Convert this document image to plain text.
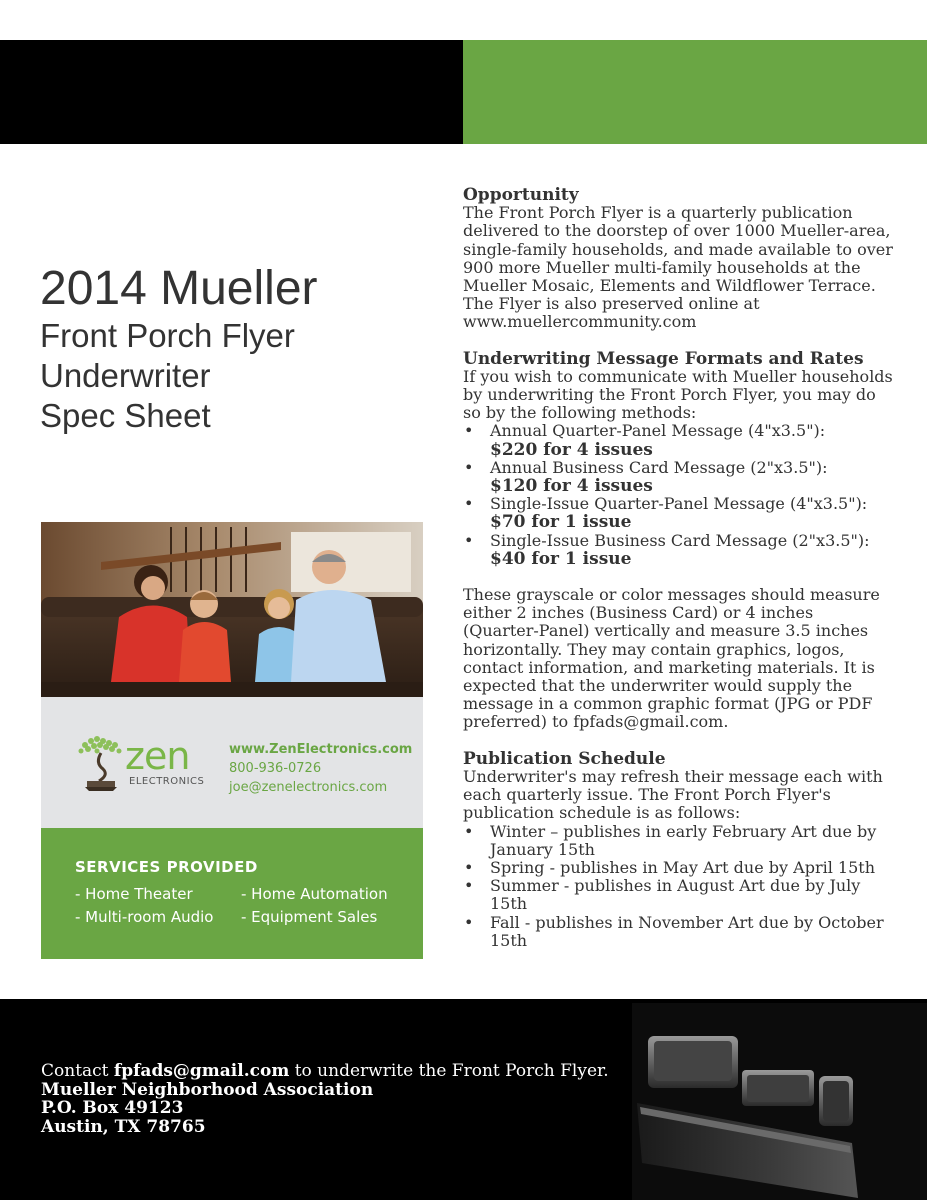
2014 Mueller
Front Porch Flyer
Underwriter
Spec Sheet
zen
ELECTRONICS
www.ZenElectronics.com
800-936-0726
joe@zenelectronics.com
SERVICES PROVIDED
- Home Theater	- Home Automation
- Multi-room Audio - Equipment Sales
Opportunity

The Front Porch Flyer is a quarterly publication delivered to the doorstep of over 1000 Mueller-area, single-family households, and made available to over 900 more Mueller multi-family households at the Mueller Mosaic, Elements and Wildflower Terrace. The Flyer is also preserved online at www.muellercommunity.com

Underwriting Message Formats and Rates

If you wish to communicate with Mueller households by underwriting the Front Porch Flyer, you may do so by the following methods:

• Annual Quarter-Panel Message (4"x3.5"):
$220 for 4 issues
• Annual Business Card Message (2"x3.5"):
$120 for 4 issues
• Single-Issue Quarter-Panel Message (4"x3.5"):
$70 for 1 issue
• Single-Issue Business Card Message (2"x3.5"):
$40 for 1 issue

These grayscale or color messages should measure either 2 inches (Business Card) or 4 inches (Quarter-Panel) vertically and measure 3.5 inches horizontally. They may contain graphics, logos, contact information, and marketing materials. It is expected that the underwriter would supply the message in a common graphic format (JPG or PDF preferred) to fpfads@gmail.com.

Publication Schedule

Underwriter's may refresh their message each with each quarterly issue. The Front Porch Flyer's publication schedule is as follows:

• Winter – publishes in early February Art due by January 15th
• Spring - publishes in May Art due by April 15th
• Summer - publishes in August Art due by July 15th
• Fall - publishes in November Art due by October 15th
Contact fpfads@gmail.com to underwrite the Front Porch Flyer.
Mueller Neighborhood Association
P.O. Box 49123
Austin, TX 78765
